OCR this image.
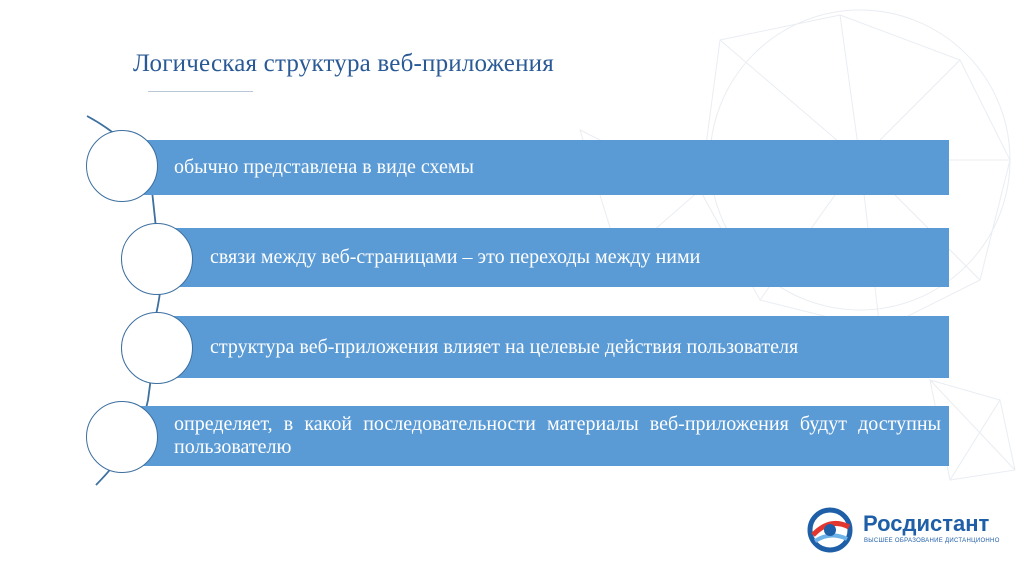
Логическая структура веб-приложения
обычно представлена в виде схемы
связи между веб-страницами – это переходы между ними
структура веб-приложения влияет на целевые действия пользователя
определяет, в какой последовательности материалы веб-приложения будут доступны пользователю
Росдистант
ВЫСШЕЕ ОБРАЗОВАНИЕ ДИСТАНЦИОННО
